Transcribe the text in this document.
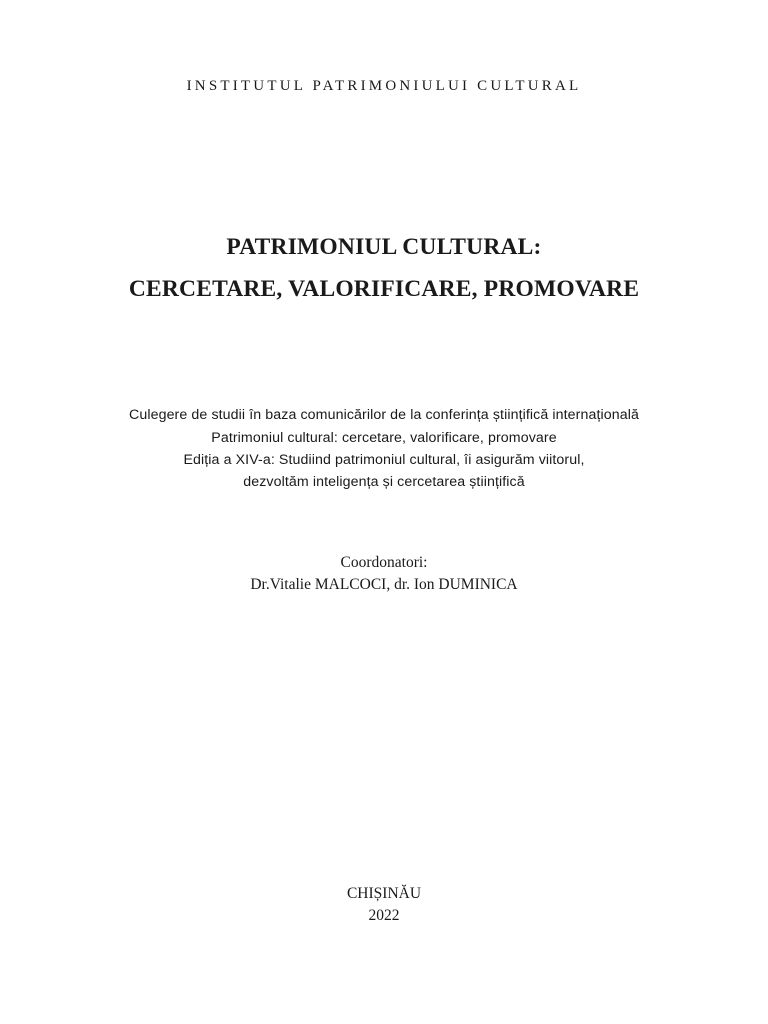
INSTITUTUL PATRIMONIULUI CULTURAL
PATRIMONIUL CULTURAL:
CERCETARE, VALORIFICARE, PROMOVARE
Culegere de studii în baza comunicărilor de la conferința științifică internațională
Patrimoniul cultural: cercetare, valorificare, promovare
Ediția a XIV-a: Studiind patrimoniul cultural, îi asigurăm viitorul,
dezvoltăm inteligența și cercetarea științifică
Coordonatori:
Dr.Vitalie MALCOCI, dr. Ion DUMINICA
CHIȘINĂU
2022
